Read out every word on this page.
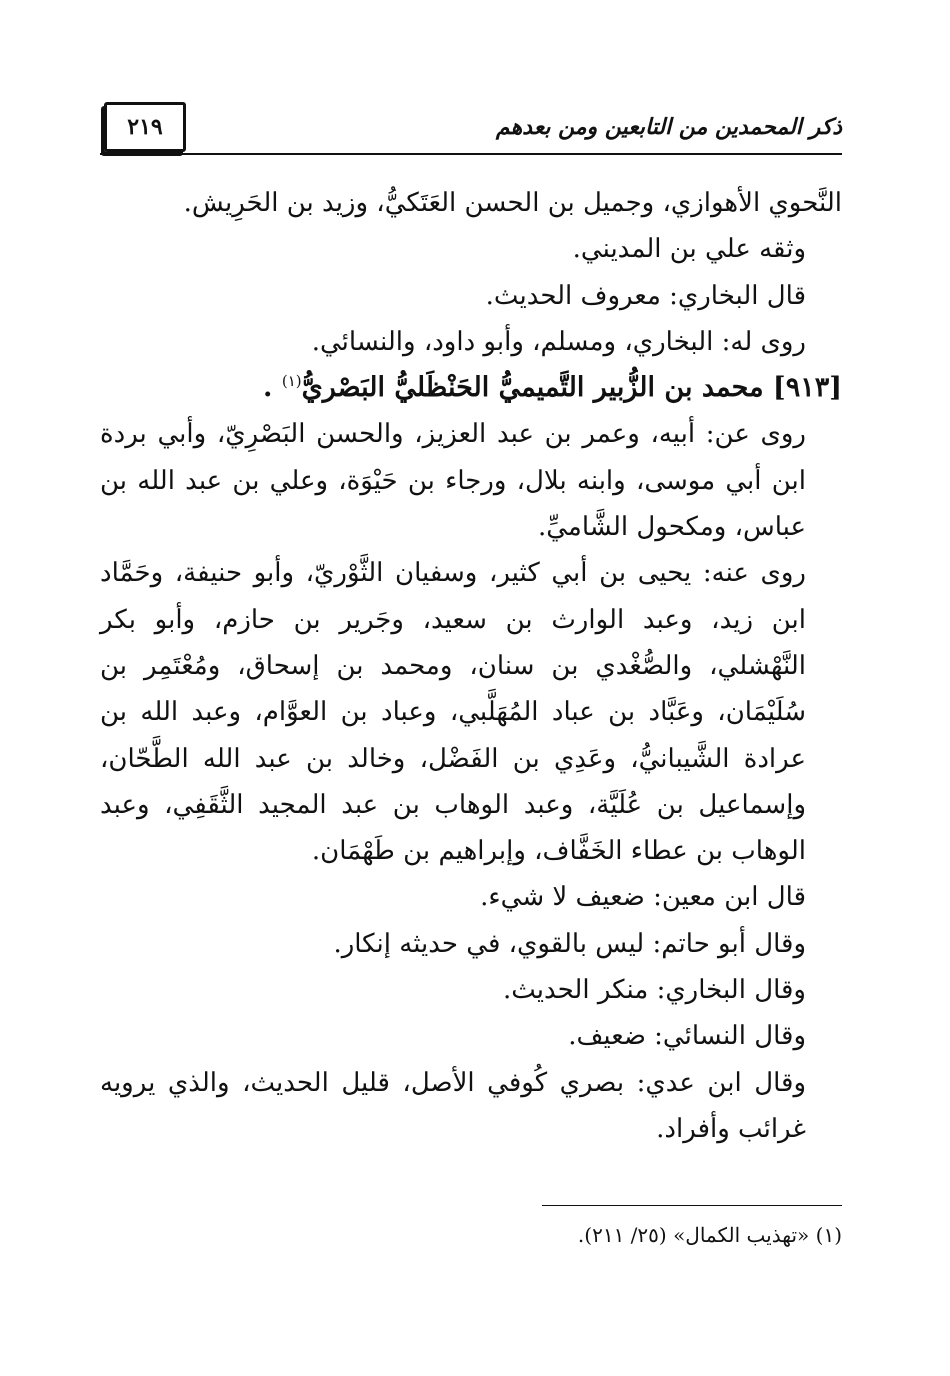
٢١٩	ذكر المحمدين من التابعين ومن بعدهم

النَّحوي الأهوازي، وجميل بن الحسن العَتَكيُّ، وزيد بن الحَرِيش.

وثقه علي بن المديني.

قال البخاري: معروف الحديث.

روى له: البخاري، ومسلم، وأبو داود، والنسائي.

[٩١٣] محمد بن الزُّبير التَّميميُّ الحَنْظَليُّ البَصْريُّ$^{(١)}$ .

روى عن: أبيه، وعمر بن عبد العزيز، والحسن البَصْرِيّ، وأبي بردة ابن أبي موسى، وابنه بلال، ورجاء بن حَيْوَة، وعلي بن عبد الله بن عباس، ومكحول الشَّاميِّ.

روى عنه: يحيى بن أبي كثير، وسفيان الثَّوْريّ، وأبو حنيفة، وحَمَّاد ابن زيد، وعبد الوارث بن سعيد، وجَرير بن حازم، وأبو بكر النَّهْشلي، والصُّغْدي بن سنان، ومحمد بن إسحاق، ومُعْتَمِر بن سُلَيْمَان، وعَبَّاد بن عباد المُهَلَّبي، وعباد بن العوَّام، وعبد الله بن عرادة الشَّيبانيُّ، وعَدِي بن الفَضْل، وخالد بن عبد الله الطَّحّان، وإسماعيل بن عُلَيَّة، وعبد الوهاب بن عبد المجيد الثَّقَفِي، وعبد الوهاب بن عطاء الخَفَّاف، وإبراهيم بن طَهْمَان.

قال ابن معين: ضعيف لا شيء.

وقال أبو حاتم: ليس بالقوي، في حديثه إنكار.

وقال البخاري: منكر الحديث.

وقال النسائي: ضعيف.

وقال ابن عدي: بصري كُوفي الأصل، قليل الحديث، والذي يرويه غرائب وأفراد.

(١) «تهذيب الكمال» (٢٥/ ٢١١).
